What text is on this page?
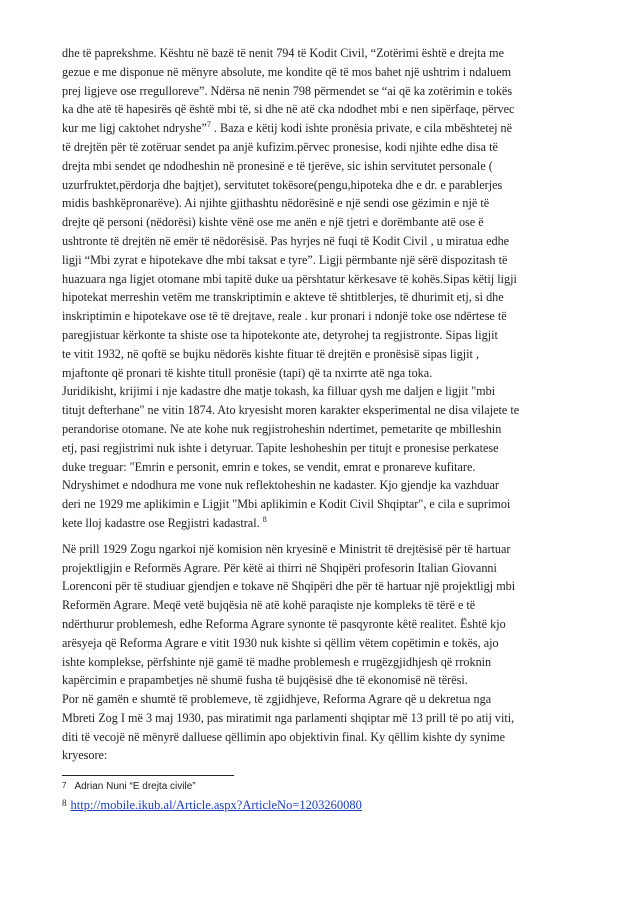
dhe të paprekshme. Kështu në bazë të nenit 794 të Kodit Civil, “Zotërimi është e drejta me
gezue e me disponue në mënyre absolute, me kondite që të mos bahet një ushtrim i ndaluem
prej ligjeve ose rregulloreve”. Ndërsa në nenin 798 përmendet se “ai që ka zotërimin e tokës
ka dhe atë të hapesirës që është mbi të, si dhe në atë cka ndodhet mbi e nen sipërfaqe, përvec
kur me ligj caktohet ndryshe”$^7$ . Baza e këtij kodi ishte pronësia private, e cila mbështetej në
të drejtën për të zotëruar sendet pa anjë kufizim.përvec pronesise, kodi njihte edhe disa të
drejta mbi sendet qe ndodheshin në pronesinë e të tjerëve, sic ishin servitutet personale (
uzurfruktet,përdorja dhe bajtjet), servitutet tokësore(pengu,hipoteka dhe e dr. e parablerjes
midis bashkëpronarëve). Ai njihte gjithashtu nëdorësinë e një sendi ose gëzimin e një të
drejte që personi (nëdorësi) kishte vënë ose me anën e një tjetri e dorëmbante atë ose ë
ushtronte të drejtën në emër të nëdorësisë. Pas hyrjes në fuqi të Kodit Civil , u miratua edhe
ligji “Mbi zyrat e hipotekave dhe mbi taksat e tyre”. Ligji përmbante një sërë dispozitash të
huazuara nga ligjet otomane mbi tapitë duke ua përshtatur kërkesave të kohës.Sipas këtij ligji
hipotekat merreshin vetëm me transkriptimin e akteve të shtitblerjes, të dhurimit etj, si dhe
inskriptimin e hipotekave ose të të drejtave, reale . kur pronari i ndonjë toke ose ndërtese të
paregjistuar kërkonte ta shiste ose ta hipotekonte ate, detyrohej ta regjistronte. Sipas ligjit
te vitit 1932, në qoftë se bujku nëdorës kishte fituar të drejtën e pronësisë sipas ligjit ,
mjaftonte që pronari të kishte titull pronësie (tapi) që ta nxirrte atë nga toka.
Juridikisht, krijimi i nje kadastre dhe matje tokash, ka filluar qysh me daljen e ligjit "mbi
titujt defterhane" ne vitin 1874. Ato kryesisht moren karakter eksperimental ne disa vilajete te
perandorise otomane. Ne ate kohe nuk regjistroheshin ndertimet, pemetarite qe mbilleshin
etj, pasi regjistrimi nuk ishte i detyruar. Tapite leshoheshin per titujt e pronesise perkatese
duke treguar: "Emrin e personit, emrin e tokes, se vendit, emrat e pronareve kufitare.
Ndryshimet e ndodhura me vone nuk reflektoheshin ne kadaster. Kjo gjendje ka vazhduar
deri ne 1929 me aplikimin e Ligjit "Mbi aplikimin e Kodit Civil Shqiptar", e cila e suprimoi
kete lloj kadastre ose Regjistri kadastral. $^8$
Në prill 1929 Zogu ngarkoi një komision nën kryesinë e Ministrit të drejtësisë për të hartuar
projektligjin e Reformës Agrare. Për këtë ai thirri në Shqipëri profesorin Italian Giovanni
Lorenconi për të studiuar gjendjen e tokave në Shqipëri dhe për të hartuar një projektligj mbi
Reformën Agrare. Meqë vetë bujqësia në atë kohë paraqiste nje kompleks të tërë e të
ndërthurur problemesh, edhe Reforma Agrare synonte të pasqyronte këtë realitet. Është kjo
arësyeja që Reforma Agrare e vitit 1930 nuk kishte si qëllim vëtem copëtimin e tokës, ajo
ishte komplekse, përfshinte një gamë të madhe problemesh e rrugëzgjidhjesh që rroknin
kapërcimin e prapambetjes në shumë fusha të bujqësisë dhe të ekonomisë në tërësi.
Por në gamën e shumtë të problemeve, të zgjidhjeve, Reforma Agrare që u dekretua nga
Mbreti Zog I më 3 maj 1930, pas miratimit nga parlamenti shqiptar më 13 prill të po atij viti,
diti të vecojë në mënyrë dalluese qëllimin apo objektivin final. Ky qëllim kishte dy synime
kryesore:
7 Adrian Nuni “E drejta civile”
$^8$ http://mobile.ikub.al/Article.aspx?ArticleNo=1203260080
